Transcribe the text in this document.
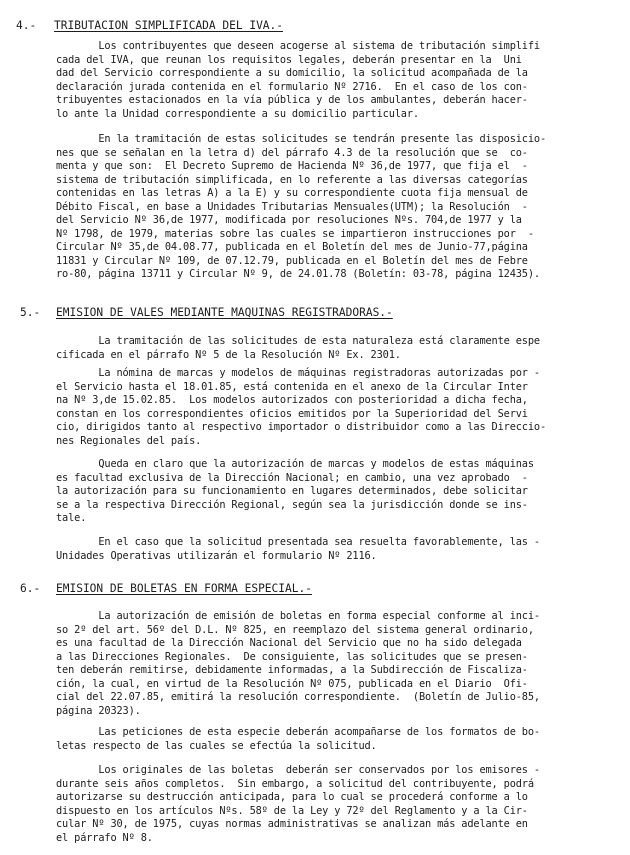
4.- TRIBUTACION SIMPLIFICADA DEL IVA.-
Los contribuyentes que deseen acogerse al sistema de tributación simplifi
cada del IVA, que reunan los requisitos legales, deberán presentar en la  Uni
dad del Servicio correspondiente a su domicilio, la solicitud acompañada de la
declaración jurada contenida en el formulario Nº 2716.  En el caso de los con-
tribuyentes estacionados en la vía pública y de los ambulantes, deberán hacer-
lo ante la Unidad correspondiente a su domicilio particular.
En la tramitación de estas solicitudes se tendrán presente las disposicio-
nes que se señalan en la letra d) del párrafo 4.3 de la resolución que se  co-
menta y que son:  El Decreto Supremo de Hacienda Nº 36,de 1977, que fija el  -
sistema de tributación simplificada, en lo referente a las diversas categorías
contenidas en las letras A) a la E) y su correspondiente cuota fija mensual de
Débito Fiscal, en base a Unidades Tributarias Mensuales(UTM); la Resolución  -
del Servicio Nº 36,de 1977, modificada por resoluciones Nºs. 704,de 1977 y la
Nº 1798, de 1979, materias sobre las cuales se impartieron instrucciones por  -
Circular Nº 35,de 04.08.77, publicada en el Boletín del mes de Junio-77,página
11831 y Circular Nº 109, de 07.12.79, publicada en el Boletín del mes de Febre
ro-80, página 13711 y Circular Nº 9, de 24.01.78 (Boletín: 03-78, página 12435).
5.- EMISION DE VALES MEDIANTE MAQUINAS REGISTRADORAS.-
La tramitación de las solicitudes de esta naturaleza está claramente espe
cificada en el párrafo Nº 5 de la Resolución Nº Ex. 2301.
La nómina de marcas y modelos de máquinas registradoras autorizadas por -
el Servicio hasta el 18.01.85, está contenida en el anexo de la Circular Inter
na Nº 3,de 15.02.85.  Los modelos autorizados con posterioridad a dicha fecha,
constan en los correspondientes oficios emitidos por la Superioridad del Servi
cio, dirigidos tanto al respectivo importador o distribuidor como a las Direccio-
nes Regionales del país.
Queda en claro que la autorización de marcas y modelos de estas máquinas
es facultad exclusiva de la Dirección Nacional; en cambio, una vez aprobado  -
la autorización para su funcionamiento en lugares determinados, debe solicitar
se a la respectiva Dirección Regional, según sea la jurisdicción donde se ins-
tale.
En el caso que la solicitud presentada sea resuelta favorablemente, las -
Unidades Operativas utilizarán el formulario Nº 2116.
6.- EMISION DE BOLETAS EN FORMA ESPECIAL.-
La autorización de emisión de boletas en forma especial conforme al inci-
so 2º del art. 56º del D.L. Nº 825, en reemplazo del sistema general ordinario,
es una facultad de la Dirección Nacional del Servicio que no ha sido delegada
a las Direcciones Regionales.  De consiguiente, las solicitudes que se presen-
ten deberán remitirse, debidamente informadas, a la Subdirección de Fiscaliza-
ción, la cual, en virtud de la Resolución Nº 075, publicada en el Diario  Ofi-
cial del 22.07.85, emitirá la resolución correspondiente.  (Boletín de Julio-85,
página 20323).
Las peticiones de esta especie deberán acompañarse de los formatos de bo-
letas respecto de las cuales se efectúa la solicitud.
Los originales de las boletas  deberán ser conservados por los emisores -
durante seis años completos.  Sin embargo, a solicitud del contribuyente, podrá
autorizarse su destrucción anticipada, para lo cual se procederá conforme a lo
dispuesto en los artículos Nºs. 58º de la Ley y 72º del Reglamento y a la Cir-
cular Nº 30, de 1975, cuyas normas administrativas se analizan más adelante en
el párrafo Nº 8.
